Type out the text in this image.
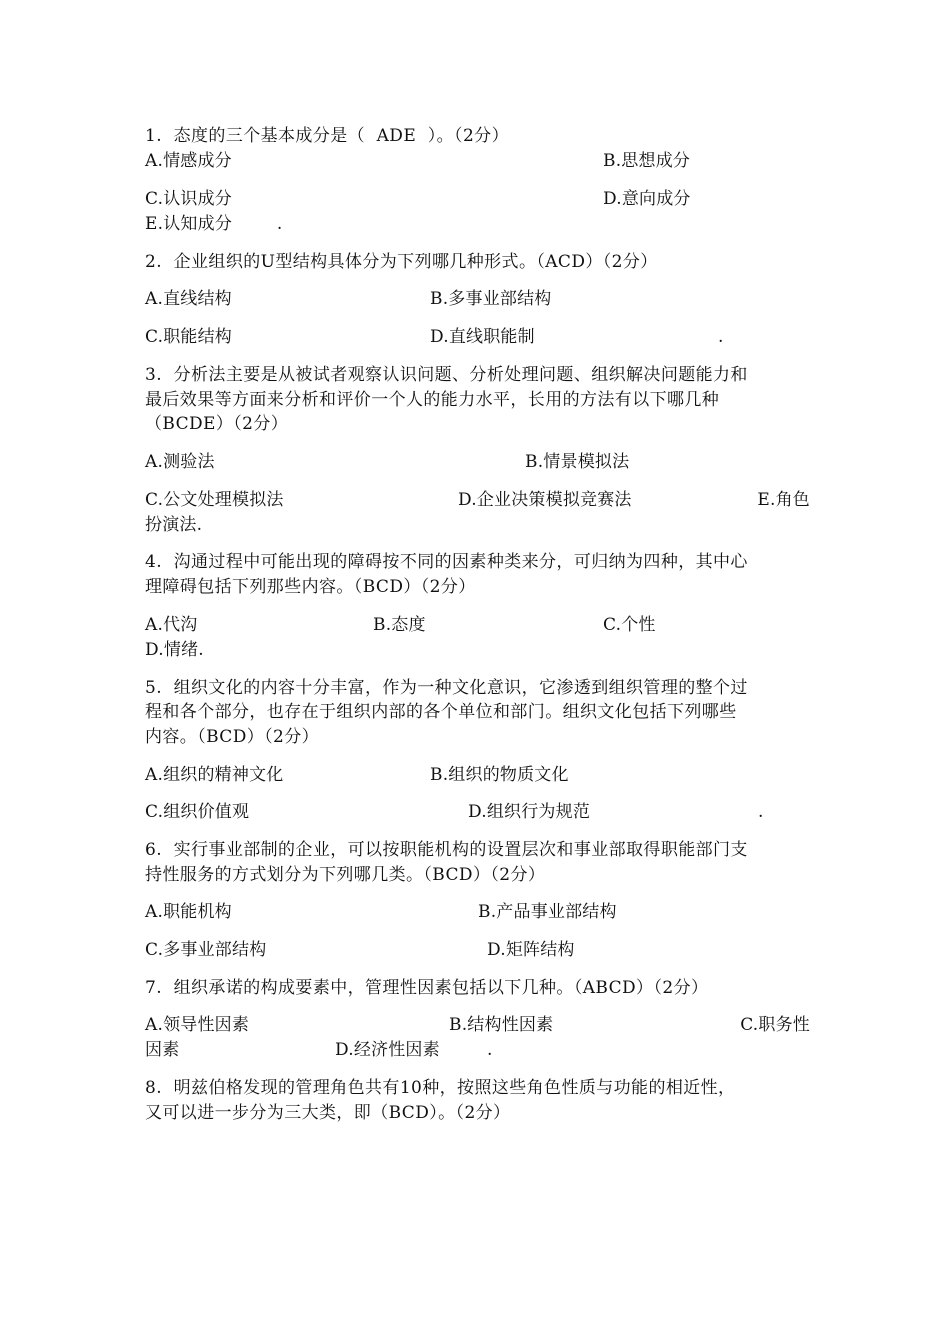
1.  态度的三个基本成分是（  ADE  ）。（2分）

A.情感成分

	B.思想成分

C.认识成分

	D.意向成分

E.认知成分        .

2.  企业组织的U型结构具体分为下列哪几种形式。（ACD）（2分）

A.直线结构

	B.多事业部结构

C.职能结构

	D.直线职能制

	.

3.  分析法主要是从被试者观察认识问题、分析处理问题、组织解决问题能力和
最后效果等方面来分析和评价一个人的能力水平，长用的方法有以下哪几种
（BCDE）（2分）

A.测验法

	B.情景模拟法

C.公文处理模拟法

	D.企业决策模拟竞赛法

	E.角色

扮演法.

4.  沟通过程中可能出现的障碍按不同的因素种类来分，可归纳为四种，其中心
理障碍包括下列那些内容。（BCD）（2分）

A.代沟

	B.态度

	C.个性

D.情绪.

5.  组织文化的内容十分丰富，作为一种文化意识，它渗透到组织管理的整个过
程和各个部分，也存在于组织内部的各个单位和部门。组织文化包括下列哪些
内容。（BCD）（2分）

A.组织的精神文化

	B.组织的物质文化

C.组织价值观

	D.组织行为规范

	.

6.  实行事业部制的企业，可以按职能机构的设置层次和事业部取得职能部门支
持性服务的方式划分为下列哪几类。（BCD）（2分）

A.职能机构

	B.产品事业部结构

C.多事业部结构

	D.矩阵结构

7.  组织承诺的构成要素中，管理性因素包括以下几种。（ABCD）（2分）

A.领导性因素

	B.结构性因素

	C.职务性

因素

	D.经济性因素

	.

8.  明兹伯格发现的管理角色共有10种，按照这些角色性质与功能的相近性，
又可以进一步分为三大类，即（BCD）。（2分）
